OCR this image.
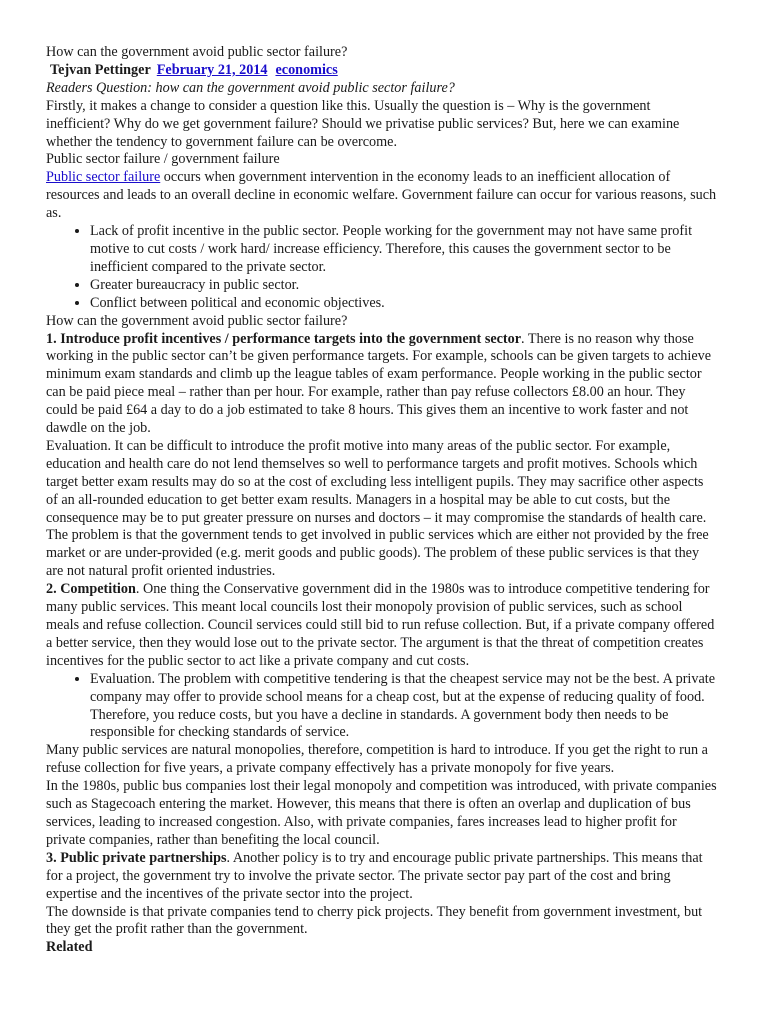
How can the government avoid public sector failure?

Tejvan Pettinger February 21, 2014 economics

Readers Question: how can the government avoid public sector failure?

Firstly, it makes a change to consider a question like this. Usually the question is – Why is the government inefficient? Why do we get government failure? Should we privatise public services? But, here we can examine whether the tendency to government failure can be overcome.

Public sector failure / government failure

Public sector failure occurs when government intervention in the economy leads to an inefficient allocation of resources and leads to an overall decline in economic welfare. Government failure can occur for various reasons, such as.

• Lack of profit incentive in the public sector. People working for the government may not have same profit motive to cut costs / work hard/ increase efficiency. Therefore, this causes the government sector to be inefficient compared to the private sector.
• Greater bureaucracy in public sector.
• Conflict between political and economic objectives.

How can the government avoid public sector failure?

1. Introduce profit incentives / performance targets into the government sector. There is no reason why those working in the public sector can’t be given performance targets. For example, schools can be given targets to achieve minimum exam standards and climb up the league tables of exam performance. People working in the public sector can be paid piece meal – rather than per hour. For example, rather than pay refuse collectors £8.00 an hour. They could be paid £64 a day to do a job estimated to take 8 hours. This gives them an incentive to work faster and not dawdle on the job.

Evaluation. It can be difficult to introduce the profit motive into many areas of the public sector. For example, education and health care do not lend themselves so well to performance targets and profit motives. Schools which target better exam results may do so at the cost of excluding less intelligent pupils. They may sacrifice other aspects of an all-rounded education to get better exam results. Managers in a hospital may be able to cut costs, but the consequence may be to put greater pressure on nurses and doctors – it may compromise the standards of health care.

The problem is that the government tends to get involved in public services which are either not provided by the free market or are under-provided (e.g. merit goods and public goods). The problem of these public services is that they are not natural profit oriented industries.

2. Competition. One thing the Conservative government did in the 1980s was to introduce competitive tendering for many public services. This meant local councils lost their monopoly provision of public services, such as school meals and refuse collection. Council services could still bid to run refuse collection. But, if a private company offered a better service, then they would lose out to the private sector. The argument is that the threat of competition creates incentives for the public sector to act like a private company and cut costs.

• Evaluation. The problem with competitive tendering is that the cheapest service may not be the best. A private company may offer to provide school means for a cheap cost, but at the expense of reducing quality of food. Therefore, you reduce costs, but you have a decline in standards. A government body then needs to be responsible for checking standards of service.

Many public services are natural monopolies, therefore, competition is hard to introduce. If you get the right to run a refuse collection for five years, a private company effectively has a private monopoly for five years.

In the 1980s, public bus companies lost their legal monopoly and competition was introduced, with private companies such as Stagecoach entering the market. However, this means that there is often an overlap and duplication of bus services, leading to increased congestion. Also, with private companies, fares increases lead to higher profit for private companies, rather than benefiting the local council.

3. Public private partnerships. Another policy is to try and encourage public private partnerships. This means that for a project, the government try to involve the private sector. The private sector pay part of the cost and bring expertise and the incentives of the private sector into the project.

The downside is that private companies tend to cherry pick projects. They benefit from government investment, but they get the profit rather than the government.

Related
